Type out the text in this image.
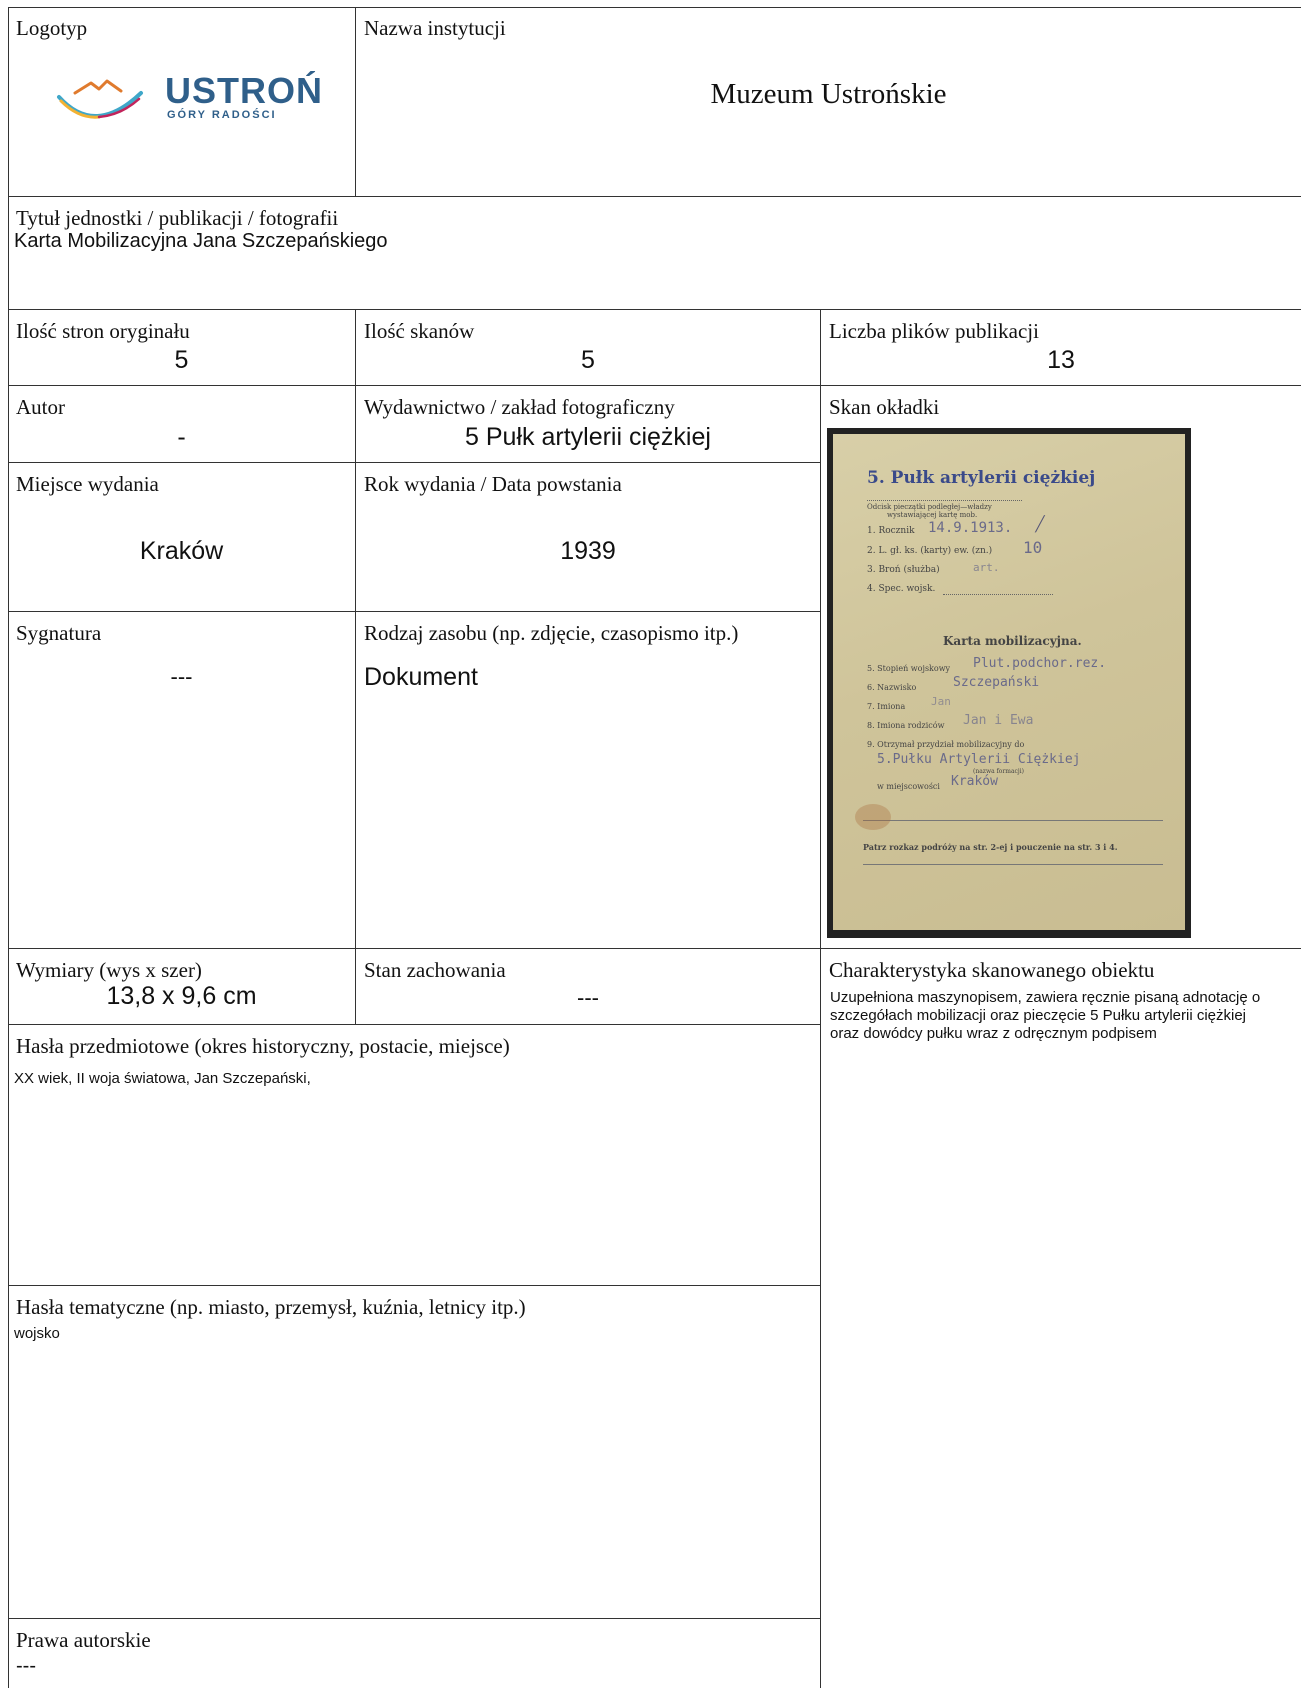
Logotyp
USTROŃ
GÓRY RADOŚCI
Nazwa instytucji
Muzeum Ustrońskie
Tytuł jednostki / publikacji / fotografii
Karta Mobilizacyjna Jana Szczepańskiego
Ilość stron oryginału
5
Ilość skanów
5
Liczba plików publikacji
13
Autor
-
Wydawnictwo / zakład fotograficzny
5 Pułk artylerii ciężkiej
Skan okładki
5. Pułk artylerii ciężkiej
Odcisk pieczątki podległej—władzy
wystawiającej kartę mob.
1. Rocznik 14.9.1913.
2. L. gł. ks. (karty) ew. (zn.) 10
3. Broń (służba)	art.
4. Spec. wojsk.
⟋
Karta mobilizacyjna.
5. Stopień wojskowy Plut.podchor.rez.
6. Nazwisko	Szczepański
7. Imiona Jan
8. Imiona rodziców Jan i Ewa
9. Otrzymał przydział mobilizacyjny do
5.Pułku Artylerii Ciężkiej
(nazwa formacji)
w miejscowości Kraków
Patrz rozkaz podróży na str. 2-ej i pouczenie na str. 3 i 4.
Miejsce wydania
Kraków
Rok wydania / Data powstania
1939
Sygnatura
---
Rodzaj zasobu (np. zdjęcie, czasopismo itp.)
Dokument
Wymiary (wys x szer)
13,8 x 9,6 cm
Stan zachowania
---
Charakterystyka skanowanego obiektu
Uzupełniona maszynopisem, zawiera ręcznie pisaną adnotację o szczegółach mobilizacji oraz pieczęcie 5 Pułku artylerii ciężkiej oraz dowódcy pułku wraz z odręcznym podpisem
Hasła przedmiotowe (okres historyczny, postacie, miejsce)
XX wiek, II woja światowa, Jan Szczepański,
Hasła tematyczne (np. miasto, przemysł, kuźnia, letnicy itp.)
wojsko
Prawa autorskie
---
